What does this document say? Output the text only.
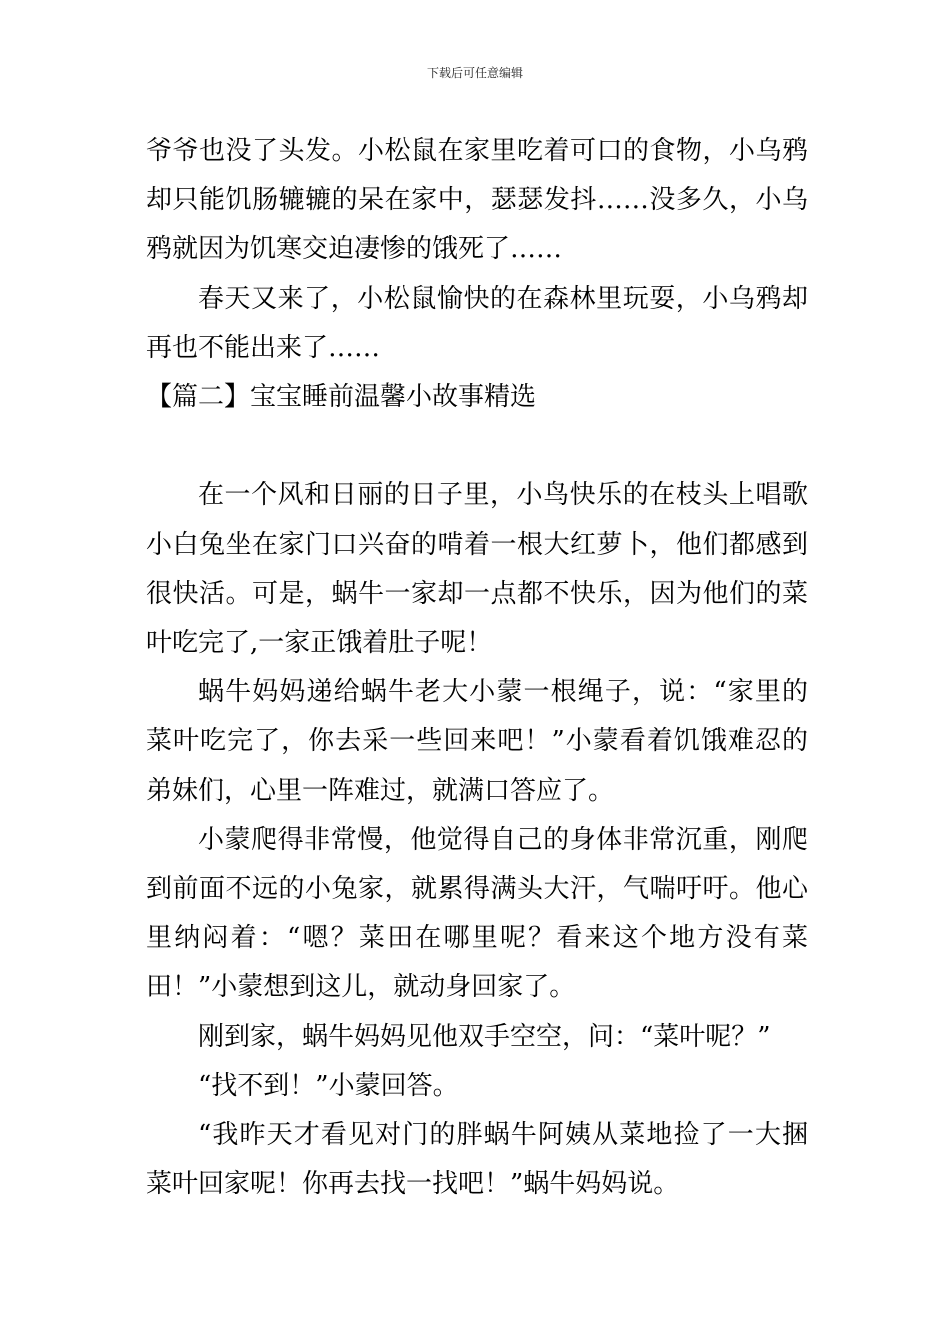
下载后可任意编辑

爷爷也没了头发。小松鼠在家里吃着可口的食物，小乌鸦却只能饥肠辘辘的呆在家中，瑟瑟发抖……没多久，小乌鸦就因为饥寒交迫凄惨的饿死了……

春天又来了，小松鼠愉快的在森林里玩耍，小乌鸦却再也不能出来了……

【篇二】宝宝睡前温馨小故事精选

在一个风和日丽的日子里，小鸟快乐的在枝头上唱歌小白兔坐在家门口兴奋的啃着一根大红萝卜，他们都感到很快活。可是，蜗牛一家却一点都不快乐，因为他们的菜叶吃完了,一家正饿着肚子呢！

蜗牛妈妈递给蜗牛老大小蒙一根绳子，说：“家里的菜叶吃完了，你去采一些回来吧！”小蒙看着饥饿难忍的弟妹们，心里一阵难过，就满口答应了。

小蒙爬得非常慢，他觉得自己的身体非常沉重，刚爬到前面不远的小兔家，就累得满头大汗，气喘吁吁。他心里纳闷着：“嗯？菜田在哪里呢？看来这个地方没有菜田！”小蒙想到这儿，就动身回家了。

刚到家，蜗牛妈妈见他双手空空，问：“菜叶呢？”

“找不到！”小蒙回答。

“我昨天才看见对门的胖蜗牛阿姨从菜地捡了一大捆菜叶回家呢！你再去找一找吧！”蜗牛妈妈说。
